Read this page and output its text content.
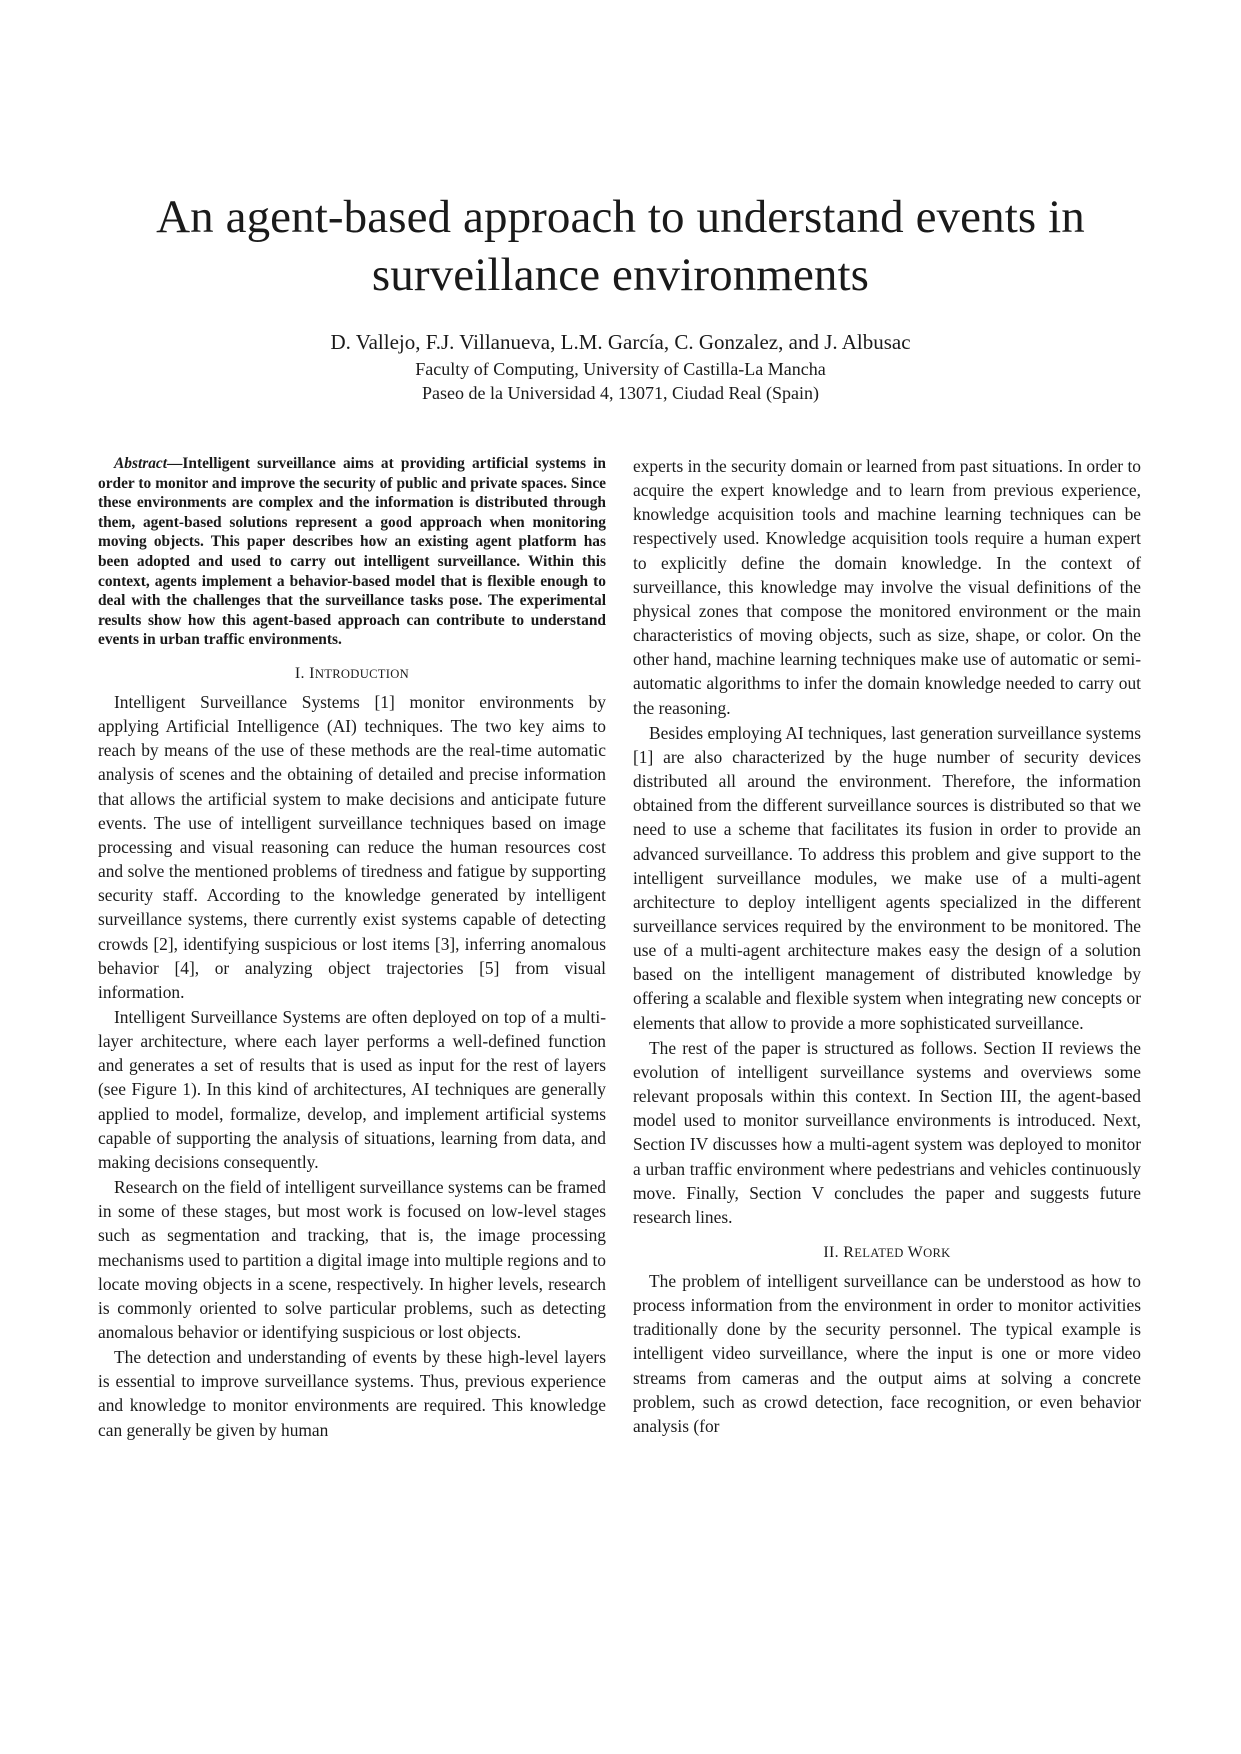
An agent-based approach to understand events in
surveillance environments
D. Vallejo, F.J. Villanueva, L.M. García, C. Gonzalez, and J. Albusac
Faculty of Computing, University of Castilla-La Mancha
Paseo de la Universidad 4, 13071, Ciudad Real (Spain)
Abstract—Intelligent surveillance aims at providing artificial systems in order to monitor and improve the security of public and private spaces. Since these environments are complex and the information is distributed through them, agent-based solutions represent a good approach when monitoring moving objects. This paper describes how an existing agent platform has been adopted and used to carry out intelligent surveillance. Within this context, agents implement a behavior-based model that is flexible enough to deal with the challenges that the surveillance tasks pose. The experimental results show how this agent-based approach can contribute to understand events in urban traffic environments.
I. INTRODUCTION

Intelligent Surveillance Systems [1] monitor environments by applying Artificial Intelligence (AI) techniques. The two key aims to reach by means of the use of these methods are the real-time automatic analysis of scenes and the obtaining of detailed and precise information that allows the artificial system to make decisions and anticipate future events. The use of intelligent surveillance techniques based on image processing and visual reasoning can reduce the human resources cost and solve the mentioned problems of tiredness and fatigue by supporting security staff. According to the knowledge generated by intelligent surveillance systems, there currently exist systems capable of detecting crowds [2], identifying suspicious or lost items [3], inferring anomalous behavior [4], or analyzing object trajectories [5] from visual information.

Intelligent Surveillance Systems are often deployed on top of a multi-layer architecture, where each layer performs a well-defined function and generates a set of results that is used as input for the rest of layers (see Figure 1). In this kind of architectures, AI techniques are generally applied to model, formalize, develop, and implement artificial systems capable of supporting the analysis of situations, learning from data, and making decisions consequently.

Research on the field of intelligent surveillance systems can be framed in some of these stages, but most work is focused on low-level stages such as segmentation and tracking, that is, the image processing mechanisms used to partition a digital image into multiple regions and to locate moving objects in a scene, respectively. In higher levels, research is commonly oriented to solve particular problems, such as detecting anomalous behavior or identifying suspicious or lost objects.

The detection and understanding of events by these high-level layers is essential to improve surveillance systems. Thus, previous experience and knowledge to monitor environments are required. This knowledge can generally be given by human

experts in the security domain or learned from past situations. In order to acquire the expert knowledge and to learn from previous experience, knowledge acquisition tools and machine learning techniques can be respectively used. Knowledge acquisition tools require a human expert to explicitly define the domain knowledge. In the context of surveillance, this knowledge may involve the visual definitions of the physical zones that compose the monitored environment or the main characteristics of moving objects, such as size, shape, or color. On the other hand, machine learning techniques make use of automatic or semi-automatic algorithms to infer the domain knowledge needed to carry out the reasoning.

Besides employing AI techniques, last generation surveillance systems [1] are also characterized by the huge number of security devices distributed all around the environment. Therefore, the information obtained from the different surveillance sources is distributed so that we need to use a scheme that facilitates its fusion in order to provide an advanced surveillance. To address this problem and give support to the intelligent surveillance modules, we make use of a multi-agent architecture to deploy intelligent agents specialized in the different surveillance services required by the environment to be monitored. The use of a multi-agent architecture makes easy the design of a solution based on the intelligent management of distributed knowledge by offering a scalable and flexible system when integrating new concepts or elements that allow to provide a more sophisticated surveillance.

The rest of the paper is structured as follows. Section II reviews the evolution of intelligent surveillance systems and overviews some relevant proposals within this context. In Section III, the agent-based model used to monitor surveillance environments is introduced. Next, Section IV discusses how a multi-agent system was deployed to monitor a urban traffic environment where pedestrians and vehicles continuously move. Finally, Section V concludes the paper and suggests future research lines.

II. RELATED WORK

The problem of intelligent surveillance can be understood as how to process information from the environment in order to monitor activities traditionally done by the security personnel. The typical example is intelligent video surveillance, where the input is one or more video streams from cameras and the output aims at solving a concrete problem, such as crowd detection, face recognition, or even behavior analysis (for
